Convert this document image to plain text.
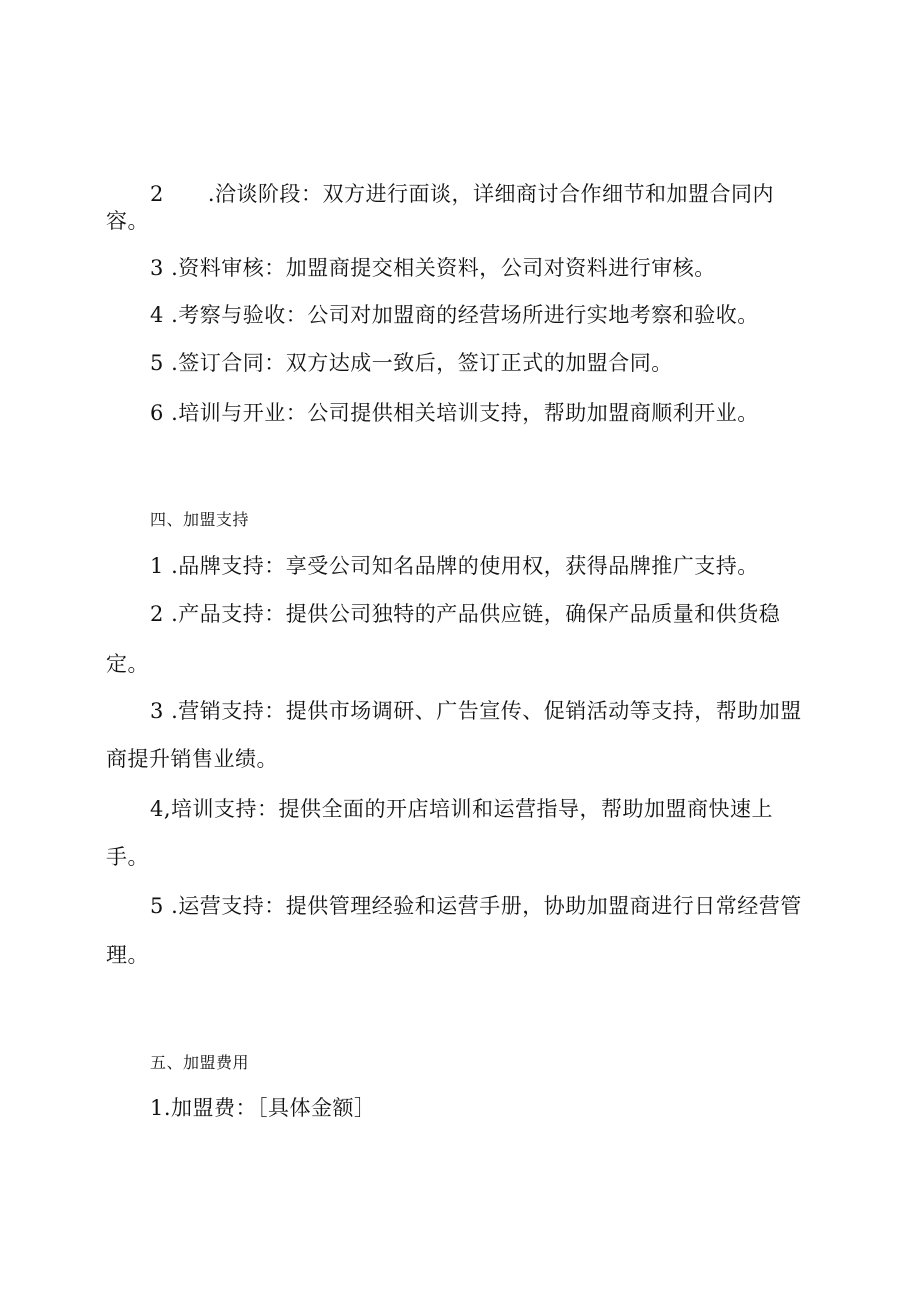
2 .洽谈阶段：双方进行面谈，详细商讨合作细节和加盟合同内
容。
3 .资料审核：加盟商提交相关资料，公司对资料进行审核。
4 .考察与验收：公司对加盟商的经营场所进行实地考察和验收。
5 .签订合同：双方达成一致后，签订正式的加盟合同。
6 .培训与开业：公司提供相关培训支持，帮助加盟商顺利开业。
四、加盟支持
1 .品牌支持：享受公司知名品牌的使用权，获得品牌推广支持。
2 .产品支持：提供公司独特的产品供应链，确保产品质量和供货稳
定。
3 .营销支持：提供市场调研、广告宣传、促销活动等支持，帮助加盟
商提升销售业绩。
4,培训支持：提供全面的开店培训和运营指导，帮助加盟商快速上
手。
5 .运营支持：提供管理经验和运营手册，协助加盟商进行日常经营管
理。
五、加盟费用
1.加盟费：［具体金额］
